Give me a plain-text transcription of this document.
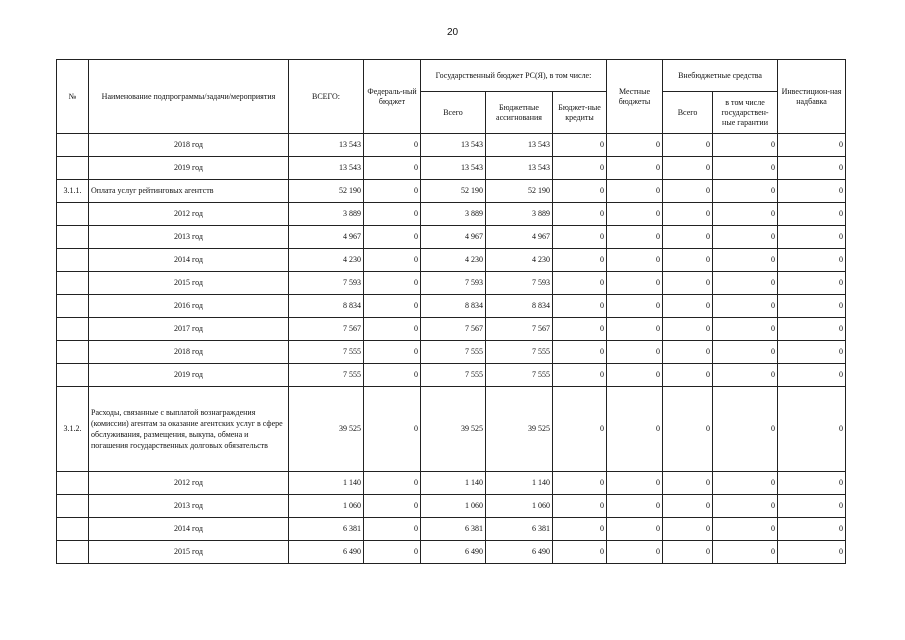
20
№	Наименование подпрограммы/задачи/мероприятия	ВСЕГО:	Федераль-ный бюджет	Государственный бюджет РС(Я), в том числе:			Местные бюджеты	Внебюджетные средства		Инвестицион-ная надбавка
				Всего	Бюджетные ассигнования	Бюджет-ные кредиты		Всего	в том числе государствен-ные гарантии	
	2018 год	13 543	0	13 543	13 543	0	0	0	0	0
	2019 год	13 543	0	13 543	13 543	0	0	0	0	0
3.1.1.	Оплата услуг рейтинговых агентств	52 190	0	52 190	52 190	0	0	0	0	0
	2012 год	3 889	0	3 889	3 889	0	0	0	0	0
	2013 год	4 967	0	4 967	4 967	0	0	0	0	0
	2014 год	4 230	0	4 230	4 230	0	0	0	0	0
	2015 год	7 593	0	7 593	7 593	0	0	0	0	0
	2016 год	8 834	0	8 834	8 834	0	0	0	0	0
	2017 год	7 567	0	7 567	7 567	0	0	0	0	0
	2018 год	7 555	0	7 555	7 555	0	0	0	0	0
	2019 год	7 555	0	7 555	7 555	0	0	0	0	0
3.1.2.	Расходы, связанные с выплатой вознаграждения (комиссии) агентам за оказание агентских услуг в сфере обслуживания, размещения, выкупа, обмена и погашения государственных долговых обязательств	39 525	0	39 525	39 525	0	0	0	0	0
	2012 год	1 140	0	1 140	1 140	0	0	0	0	0
	2013 год	1 060	0	1 060	1 060	0	0	0	0	0
	2014 год	6 381	0	6 381	6 381	0	0	0	0	0
	2015 год	6 490	0	6 490	6 490	0	0	0	0	0
